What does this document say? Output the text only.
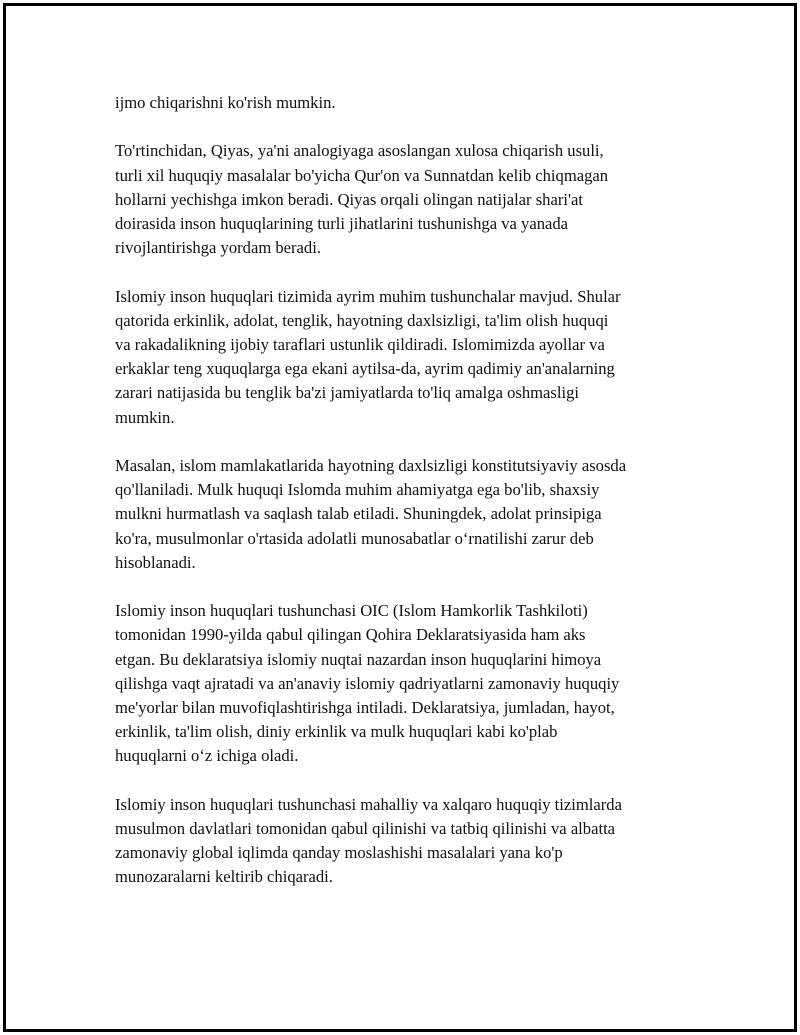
ijmo chiqarishni ko'rish mumkin.

To'rtinchidan, Qiyas, ya'ni analogiyaga asoslangan xulosa chiqarish usuli,
turli xil huquqiy masalalar bo'yicha Qur'on va Sunnatdan kelib chiqmagan
hollarni yechishga imkon beradi. Qiyas orqali olingan natijalar shari'at
doirasida inson huquqlarining turli jihatlarini tushunishga va yanada
rivojlantirishga yordam beradi.

Islomiy inson huquqlari tizimida ayrim muhim tushunchalar mavjud. Shular
qatorida erkinlik, adolat, tenglik, hayotning daxlsizligi, ta'lim olish huquqi
va rakadalikning ijobiy taraflari ustunlik qildiradi. Islomimizda ayollar va
erkaklar teng xuquqlarga ega ekani aytilsa-da, ayrim qadimiy an'analarning
zarari natijasida bu tenglik ba'zi jamiyatlarda to'liq amalga oshmasligi
mumkin.

Masalan, islom mamlakatlarida hayotning daxlsizligi konstitutsiyaviy asosda
qo'llaniladi. Mulk huquqi Islomda muhim ahamiyatga ega bo'lib, shaxsiy
mulkni hurmatlash va saqlash talab etiladi. Shuningdek, adolat prinsipiga
ko'ra, musulmonlar o'rtasida adolatli munosabatlar o‘rnatilishi zarur deb
hisoblanadi.

Islomiy inson huquqlari tushunchasi OIC (Islom Hamkorlik Tashkiloti)
tomonidan 1990-yilda qabul qilingan Qohira Deklaratsiyasida ham aks
etgan. Bu deklaratsiya islomiy nuqtai nazardan inson huquqlarini himoya
qilishga vaqt ajratadi va an'anaviy islomiy qadriyatlarni zamonaviy huquqiy
me'yorlar bilan muvofiqlashtirishga intiladi. Deklaratsiya, jumladan, hayot,
erkinlik, ta'lim olish, diniy erkinlik va mulk huquqlari kabi ko'plab
huquqlarni o‘z ichiga oladi.

Islomiy inson huquqlari tushunchasi mahalliy va xalqaro huquqiy tizimlarda
musulmon davlatlari tomonidan qabul qilinishi va tatbiq qilinishi va albatta
zamonaviy global iqlimda qanday moslashishi masalalari yana ko'p
munozaralarni keltirib chiqaradi.
